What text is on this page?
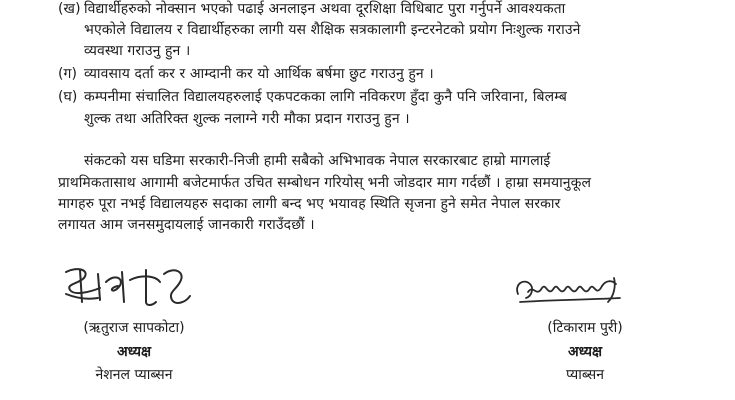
(ख) विद्यार्थीहरुको नोक्सान भएको पढाई अनलाइन अथवा दूरशिक्षा विधिबाट पुरा गर्नुपर्ने आवश्यकता
भएकोले विद्यालय र विद्यार्थीहरुका लागी यस शैक्षिक सत्रकालागी इन्टरनेटको प्रयोग निःशुल्क गराउने
व्यवस्था गराउनु हुन ।
(ग) व्यावसाय दर्ता कर र आम्दानी कर यो आर्थिक बर्षमा छुट गराउनु हुन ।
(घ) कम्पनीमा संचालित विद्यालयहरुलाई एकपटकका लागि नविकरण हुँदा कुनै पनि जरिवाना, बिलम्ब
शुल्क तथा अतिरिक्त शुल्क नलाग्ने गरी मौका प्रदान गराउनु हुन ।
संकटको यस घडिमा सरकारी-निजी हामी सबैको अभिभावक नेपाल सरकारबाट हाम्रो मागलाई
प्राथमिकतासाथ आगामी बजेटमार्फत उचित सम्बोधन गरियोस् भनी जोडदार माग गर्दछौं । हाम्रा समयानुकूल
मागहरु पूरा नभई विद्यालयहरु सदाका लागी बन्द भए भयावह स्थिति सृजना हुने समेत नेपाल सरकार
लगायत आम जनसमुदायलाई जानकारी गराउँदछौं ।
(ऋतुराज सापकोटा)
अध्यक्ष
नेशनल प्याब्सन
(टिकाराम पुरी)
अध्यक्ष
प्याब्सन
